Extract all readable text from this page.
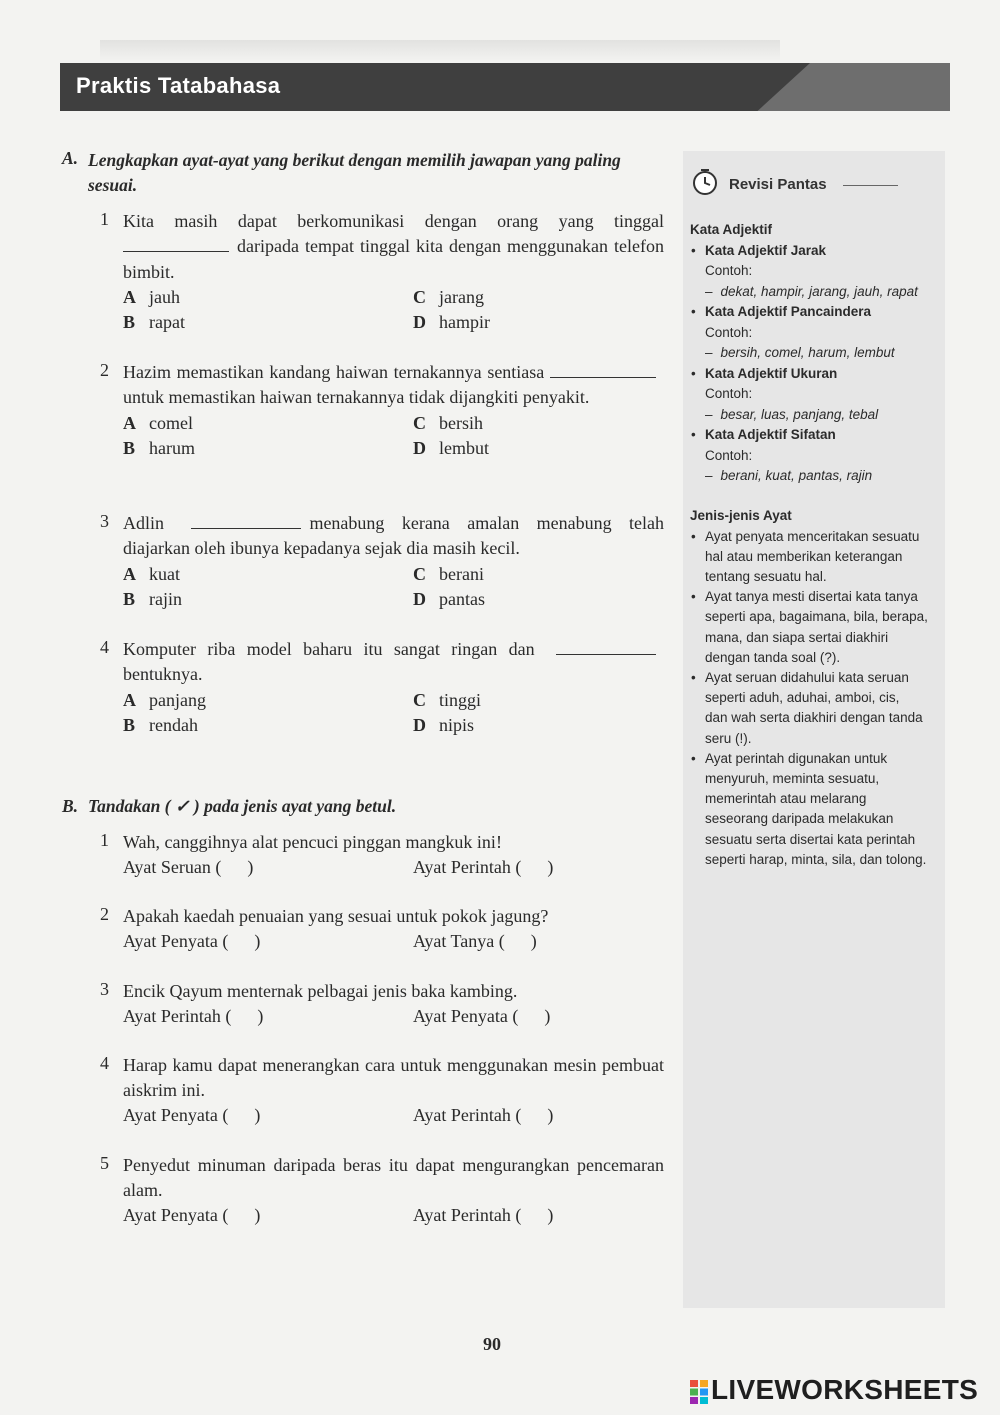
Praktis Tatabahasa
A. Lengkapkan ayat-ayat yang berikut dengan memilih jawapan yang paling sesuai.
1 Kita masih dapat berkomunikasi dengan orang yang tinggal daripada tempat tinggal kita dengan menggunakan telefon bimbit.
A jauh
B rapat
C jarang
D hampir
2 Hazim memastikan kandang haiwan ternakannya sentiasa untuk memastikan haiwan ternakannya tidak dijangkiti penyakit.
A comel
B harum
C bersih
D lembut
3 Adlin	menabung kerana amalan menabung telah diajarkan oleh ibunya kepadanya sejak dia masih kecil.
A kuat
B rajin
C berani
D pantas
4 Komputer riba model baharu itu sangat ringan dan  bentuknya.
A panjang
B rendah
C tinggi
D nipis
B. Tandakan ( ✓ ) pada jenis ayat yang betul.
1 Wah, canggihnya alat pencuci pinggan mangkuk ini!
Ayat Seruan ( )	Ayat Perintah ( )
2 Apakah kaedah penuaian yang sesuai untuk pokok jagung?
Ayat Penyata ( )	Ayat Tanya ( )
3 Encik Qayum menternak pelbagai jenis baka kambing.
Ayat Perintah ( )	Ayat Penyata ( )
4 Harap kamu dapat menerangkan cara untuk menggunakan mesin pembuat aiskrim ini.
Ayat Penyata ( )	Ayat Perintah ( )
5 Penyedut minuman daripada beras itu dapat mengurangkan pencemaran alam.
Ayat Penyata ( )	Ayat Perintah ( )
Revisi Pantas
Kata Adjektif
• Kata Adjektif Jarak
Contoh:
– dekat, hampir, jarang, jauh, rapat
• Kata Adjektif Pancaindera
Contoh:
– bersih, comel, harum, lembut
• Kata Adjektif Ukuran
Contoh:
– besar, luas, panjang, tebal
• Kata Adjektif Sifatan
Contoh:
– berani, kuat, pantas, rajin
Jenis-jenis Ayat
• Ayat penyata menceritakan sesuatu
hal atau memberikan keterangan
tentang sesuatu hal.
• Ayat tanya mesti disertai kata tanya
seperti apa, bagaimana, bila, berapa,
mana, dan siapa sertai diakhiri
dengan tanda soal (?).
• Ayat seruan didahului kata seruan
seperti aduh, aduhai, amboi, cis,
dan wah serta diakhiri dengan tanda
seru (!).
• Ayat perintah digunakan untuk
menyuruh, meminta sesuatu,
memerintah atau melarang
seseorang daripada melakukan
sesuatu serta disertai kata perintah
seperti harap, minta, sila, dan tolong.
90
LIVEWORKSHEETS
